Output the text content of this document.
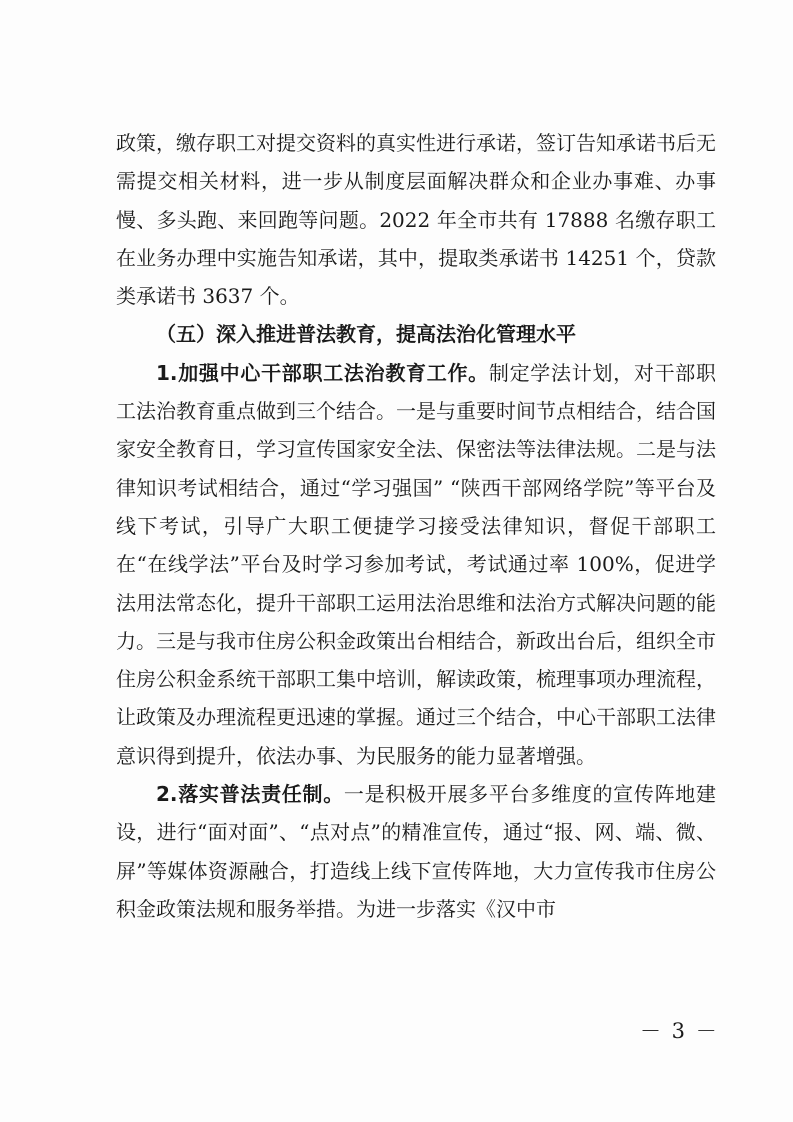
政策，缴存职工对提交资料的真实性进行承诺，签订告知承诺书后无需提交相关材料，进一步从制度层面解决群众和企业办事难、办事慢、多头跑、来回跑等问题。2022 年全市共有 17888 名缴存职工在业务办理中实施告知承诺，其中，提取类承诺书 14251 个，贷款类承诺书 3637 个。

（五）深入推进普法教育，提高法治化管理水平

1.加强中心干部职工法治教育工作。制定学法计划，对干部职工法治教育重点做到三个结合。一是与重要时间节点相结合，结合国家安全教育日，学习宣传国家安全法、保密法等法律法规。二是与法律知识考试相结合，通过“学习强国” “陕西干部网络学院”等平台及线下考试，引导广大职工便捷学习接受法律知识，督促干部职工在“在线学法”平台及时学习参加考试，考试通过率 100%，促进学法用法常态化，提升干部职工运用法治思维和法治方式解决问题的能力。三是与我市住房公积金政策出台相结合，新政出台后，组织全市住房公积金系统干部职工集中培训，解读政策，梳理事项办理流程，让政策及办理流程更迅速的掌握。通过三个结合，中心干部职工法律意识得到提升，依法办事、为民服务的能力显著增强。

2.落实普法责任制。一是积极开展多平台多维度的宣传阵地建设，进行“面对面”、“点对点”的精准宣传，通过“报、网、端、微、屏”等媒体资源融合，打造线上线下宣传阵地，大力宣传我市住房公积金政策法规和服务举措。为进一步落实《汉中市

－ 3 －
